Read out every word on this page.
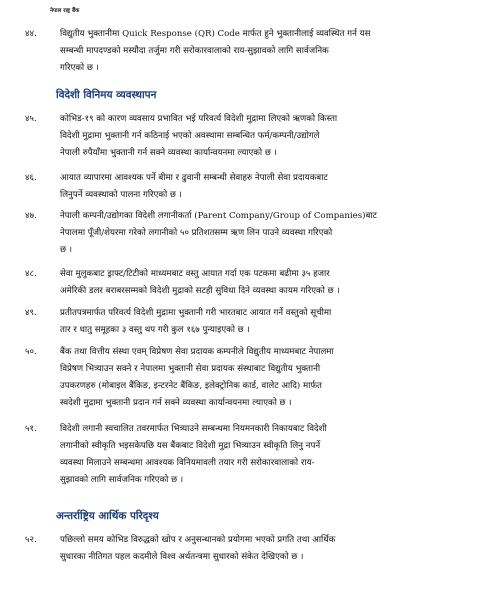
नेपाल राष्ट्र बैंक
४४.	विद्युतीय भुक्तानीमा Quick Response (QR) Code मार्फत हुने भुक्तानीलाई व्यवस्थित गर्न यस
सम्बन्धी मापदण्डको मस्यौदा तर्जुमा गरी सरोकारवालाको राय-सुझावको लागि सार्वजनिक
गरिएको छ ।
विदेशी विनिमय व्यवस्थापन
४५.	कोभिड-१९ को कारण व्यवसाय प्रभावित भई परिवर्त्य विदेशी मुद्रामा लिएको ऋणको किस्ता
विदेशी मुद्रामा भुक्तानी गर्न कठिनाई भएको अवस्थामा सम्बन्धित फर्म/कम्पनी/उद्योगले
नेपाली रुपैयाँमा भुक्तानी गर्न सक्ने व्यवस्था कार्यान्वयनमा ल्याएको छ ।
४६.	आयात व्यापारमा आवश्यक पर्ने बीमा र ढुवानी सम्बन्धी सेवाहरु नेपाली सेवा प्रदायकबाट
लिनुपर्ने व्यवस्थाको पालना गरिएको छ ।
४७.	नेपाली कम्पनी/उद्योगका विदेशी लगानीकर्ता (Parent Company/Group of Companies)बाट
नेपालमा पूँजी/शेयरमा गरेको लगानीको ५० प्रतिशतसम्म ऋण लिन पाउने व्यवस्था गरिएको
छ ।
४८.	सेवा मुलुकबाट ड्राफ्ट/टिटीको माध्यमबाट वस्तु आयात गर्दा एक पटकमा बढीमा ३५ हजार
अमेरिकी डलर बराबरसम्मको विदेशी मुद्राको सटही सुविधा दिने व्यवस्था कायम गरिएको छ ।
४९.	प्रतीतपत्रमार्फत परिवर्त्य विदेशी मुद्रामा भुक्तानी गरी भारतबाट आयात गर्ने वस्तुको सूचीमा
तार र धातु समूहका ३ वस्तु थप गरी कुल १६७ पुन्याइएको छ ।
५०.	बैंक तथा वित्तीय संस्था एवम् विप्रेषण सेवा प्रदायक कम्पनीले विद्युतीय माध्यमबाट नेपालमा
विप्रेषण भित्र्याउन सक्ने र नेपालमा भुक्तानी सेवा प्रदायक संस्थाबाट विद्युतीय भुक्तानी
उपकरणहरु (मोबाइल बैंकिङ, इन्टरनेट बैंकिङ, इलेक्ट्रोनिक कार्ड, वालेट आदि) मार्फत
स्वदेशी मुद्रामा भुक्तानी प्रदान गर्न सक्ने व्यवस्था कार्यान्वयनमा ल्याएको छ ।
५१.	विदेशी लगानी स्वचालित तवरमार्फत भित्र्याउने सम्बन्धमा नियमनकारी निकायबाट विदेशी
लगानीको स्वीकृति भइसकेपछि यस बैंकबाट विदेशी मुद्रा भित्र्याउन स्वीकृति लिनु नपर्ने
व्यवस्था मिलाउने सम्बन्धमा आवश्यक विनियमावली तयार गरी सरोकारवालाको राय-
सुझावको लागि सार्वजनिक गरिएको छ ।
अन्तर्राष्ट्रिय आर्थिक परिदृश्य
५२.	पछिल्लो समय कोभिड विरुद्धको खोप र अनुसन्धानको प्रयोगमा भएको प्रगति तथा आर्थिक
सुधारका नीतिगत पहल कदमीले विश्व अर्थतन्त्रमा सुधारको संकेत देखिएको छ ।
